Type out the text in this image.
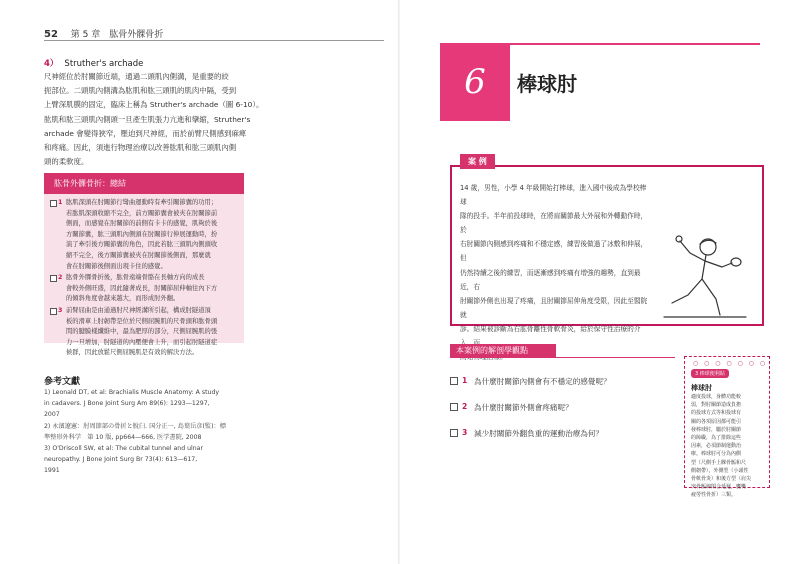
52 第 5 章　肱骨外髁骨折
4） Struther's archade
尺神經位於肘關節近端，通過二頭肌內側溝，是重要的絞
扼部位。二頭肌內側溝為肱肌和肱三頭肌的肌肉中隔，受到
上臂深肌膜的固定，臨床上稱為 Struther's archade（圖 6-10）。
肱肌和肱三頭肌內側頭一旦產生肌張力亢進和攣縮，Struther's
archade 會變得狹窄，壓迫到尺神經，而於前臂尺側感到麻痺
和疼痛。因此，須進行物理治療以改善肱肌和肱三頭肌內側
頭的柔軟度。
肱骨外髁骨折：總結
1 肱肌深頭在肘關節行彎曲運動時有牽引關節囊的功用；
若肱肌深頭收縮不完全，前方關節囊會被夾在肘關節前
側面，而感覺在肘關節的前側有卡卡的感覺，肌夠於後
方關節囊，肱三頭肌內側頭在肘關節行伸展運動時，扮
演了牽引後方關節囊的角色，因此若肱三頭肌內側頭收
縮不完全，後方關節囊被夾在肘關節後側面，那麼就
會在肘關節後側面出現卡住的感覺。
2 肱骨外髁骨折後，肱骨遠端骨骼在長軸方向的成長
會較外側旺盛，因此隨著成長，肘關節屈伸軸往內下方
的傾斜角度會越來越大，而形成肘外翻。
3 前臂屈曲是由通過肘尺神經溝所引起，構成肘隧道頂
板的滑車上肘韌帶是位於尺側屈腕肌的尺骨頭和肱骨頭
間的腱膜樣纖維中，最為肥厚的部分，尺側屈腕肌的張
力一旦增加，肘隧道的內壓便會上升，而引起肘隧道症
候群，因此放鬆尺側屈腕肌是有效的解決方法。
參考文獻
1) Leonald DT, et al: Brachialis Muscle Anatomy: A study
in cadavers. J Bone Joint Surg Am 89(6): 1293—1297,
2007
2) 永濱遼憲：肘周節部の骨折と脫臼. 国分正一, 島葉岳彦(監)：標
準整形外科学　第 10 版, pp664—666, 医学書院, 2008
3) O'Driscoll SW, et al: The cubital tunnel and ulnar
neuropathy. J Bone Joint Surg Br 73(4): 613—617,
1991
6	棒球肘
案 例
14 歲，男性，小學 4 年級開始打棒球，進入國中後成為學校棒球
隊的投手。半年前投球時，在將肩關節最大外展和外轉動作時，於
右肘關節內側感到疼痛和不穩定感，練習後做過了冰敷和伸展，但
仍然持續之後的練習，而逐漸感到疼痛有增強的趨勢，直到最近，右
肘關節外側也出現了疼痛，且肘關節屈伸角度受限，因此至醫院就
診。結果被診斷為右肱骨離性骨軟骨炎，給於保守性治療的介
本案例的解剖學觀點
1 為什麼肘關節內側會有不穩定的感覺呢？
2 為什麼肘關節外側會疼痛呢？
3 減少肘關節外翻負重的運動治療為何？
○ ○ ○ ○ ○ ○ ○
3 棒球便利貼
棒球肘
適度投球，身體功能較
弱，對肘關節造成負擔
的投球方式等和投球有
關的各項原因都可能引
發棒球肘，屬於肘關節
的障礙，為了排除這些
因素，必須節制運動治
療。棒球肘可分為內側
型（尺側手上髁骨骺和尺
側韌帶），外側型（小頭性
骨軟骨炎）和後方型（肩尖
突骨骺線閉合延遲，鷹嘴
疲勞性骨折）三類。
